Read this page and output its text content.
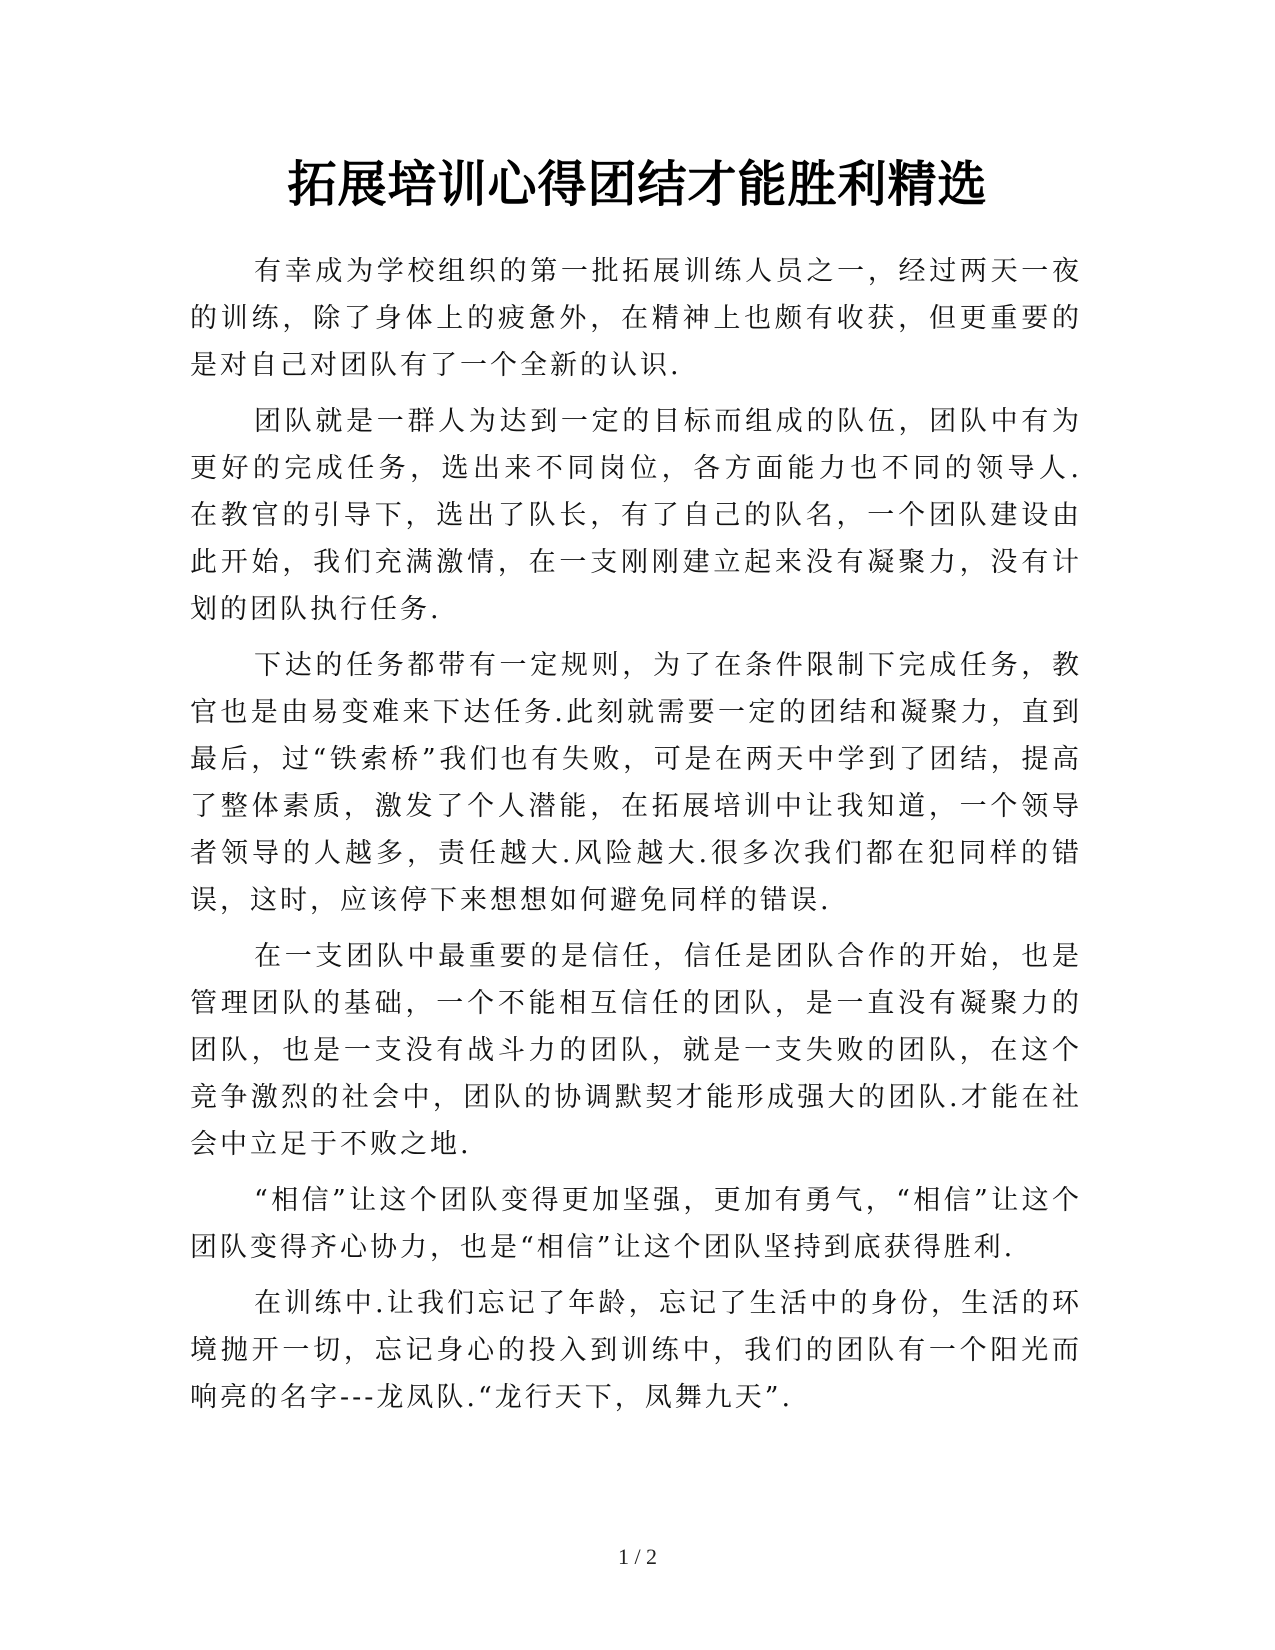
拓展培训心得团结才能胜利精选

有幸成为学校组织的第一批拓展训练人员之一，经过两天一夜的训练，除了身体上的疲惫外，在精神上也颇有收获，但更重要的是对自己对团队有了一个全新的认识.

团队就是一群人为达到一定的目标而组成的队伍，团队中有为更好的完成任务，选出来不同岗位，各方面能力也不同的领导人. 在教官的引导下，选出了队长，有了自己的队名，一个团队建设由此开始，我们充满激情，在一支刚刚建立起来没有凝聚力，没有计划的团队执行任务.

下达的任务都带有一定规则，为了在条件限制下完成任务，教官也是由易变难来下达任务.此刻就需要一定的团结和凝聚力，直到最后，过“铁索桥”我们也有失败，可是在两天中学到了团结，提高了整体素质，激发了个人潜能，在拓展培训中让我知道，一个领导者领导的人越多，责任越大.风险越大.很多次我们都在犯同样的错误，这时，应该停下来想想如何避免同样的错误.

在一支团队中最重要的是信任，信任是团队合作的开始，也是管理团队的基础，一个不能相互信任的团队，是一直没有凝聚力的团队，也是一支没有战斗力的团队，就是一支失败的团队，在这个竞争激烈的社会中，团队的协调默契才能形成强大的团队.才能在社会中立足于不败之地.

“相信”让这个团队变得更加坚强，更加有勇气，“相信”让这个团队变得齐心协力，也是“相信”让这个团队坚持到底获得胜利.

在训练中.让我们忘记了年龄，忘记了生活中的身份，生活的环境抛开一切，忘记身心的投入到训练中，我们的团队有一个阳光而响亮的名字---龙凤队.“龙行天下，凤舞九天”.

1 / 2
